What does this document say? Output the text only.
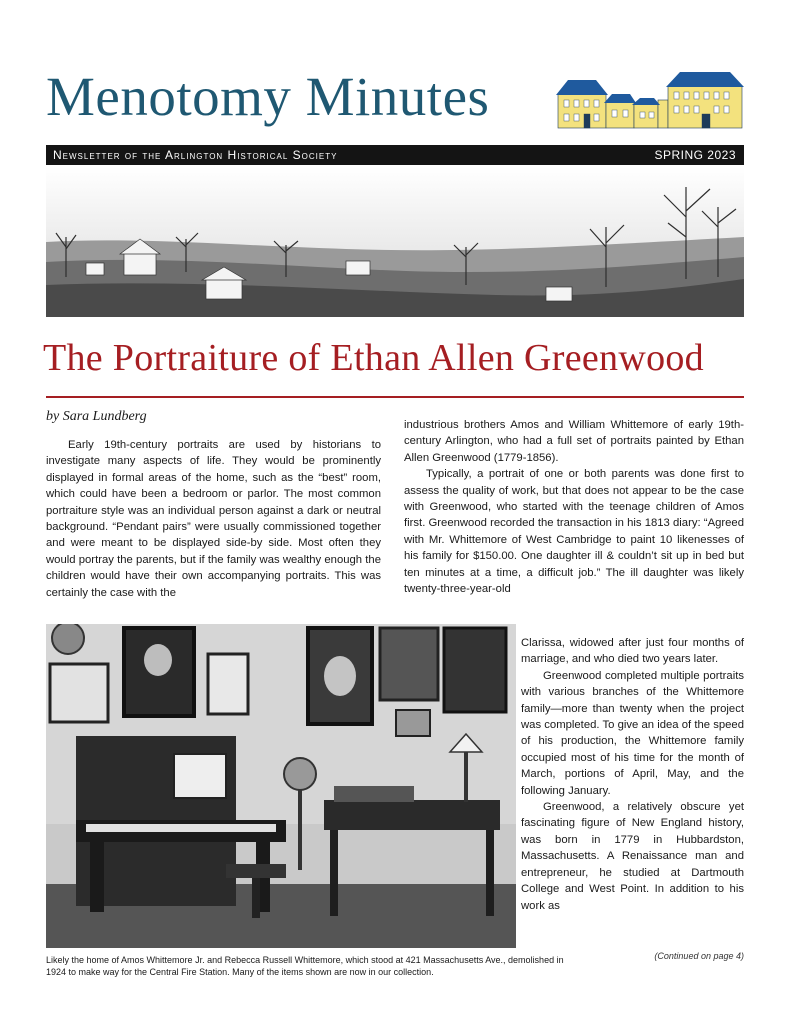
Menotomy Minutes
Newsletter of the Arlington Historical Society	SPRING 2023
The Portraiture of Ethan Allen Greenwood
by Sara Lundberg

Early 19th-century portraits are used by historians to investigate many aspects of life. They would be prominently displayed in formal areas of the home, such as the “best” room, which could have been a bedroom or parlor. The most common portraiture style was an individual person against a dark or neutral background. “Pendant pairs” were usually commissioned together and were meant to be displayed side-by side. Most often they would portray the parents, but if the family was wealthy enough the children would have their own accompanying portraits. This was certainly the case with the

industrious brothers Amos and William Whittemore of early 19th-century Arlington, who had a full set of portraits painted by Ethan Allen Greenwood (1779-1856).

Typically, a portrait of one or both parents was done first to assess the quality of work, but that does not appear to be the case with Greenwood, who started with the teenage children of Amos first. Greenwood recorded the transaction in his 1813 diary: “Agreed with Mr. Whittemore of West Cambridge to paint 10 likenesses of his family for $150.00. One daughter ill & couldn’t sit up in bed but ten minutes at a time, a difficult job.” The ill daughter was likely twenty-three-year-old

Clarissa, widowed after just four months of marriage, and who died two years later.

Greenwood completed multiple portraits with various branches of the Whittemore family—more than twenty when the project was completed. To give an idea of the speed of his production, the Whittemore family occupied most of his time for the month of March, portions of April, May, and the following January.

Greenwood, a relatively obscure yet fascinating figure of New England history, was born in 1779 in Hubbardston, Massachusetts. A Renaissance man and entrepreneur, he studied at Dartmouth College and West Point. In addition to his work as

Likely the home of Amos Whittemore Jr. and Rebecca Russell Whittemore, which stood at 421 Massachusetts Ave., demolished in 1924 to make way for the Central Fire Station. Many of the items shown are now in our collection.
(Continued on page 4)
